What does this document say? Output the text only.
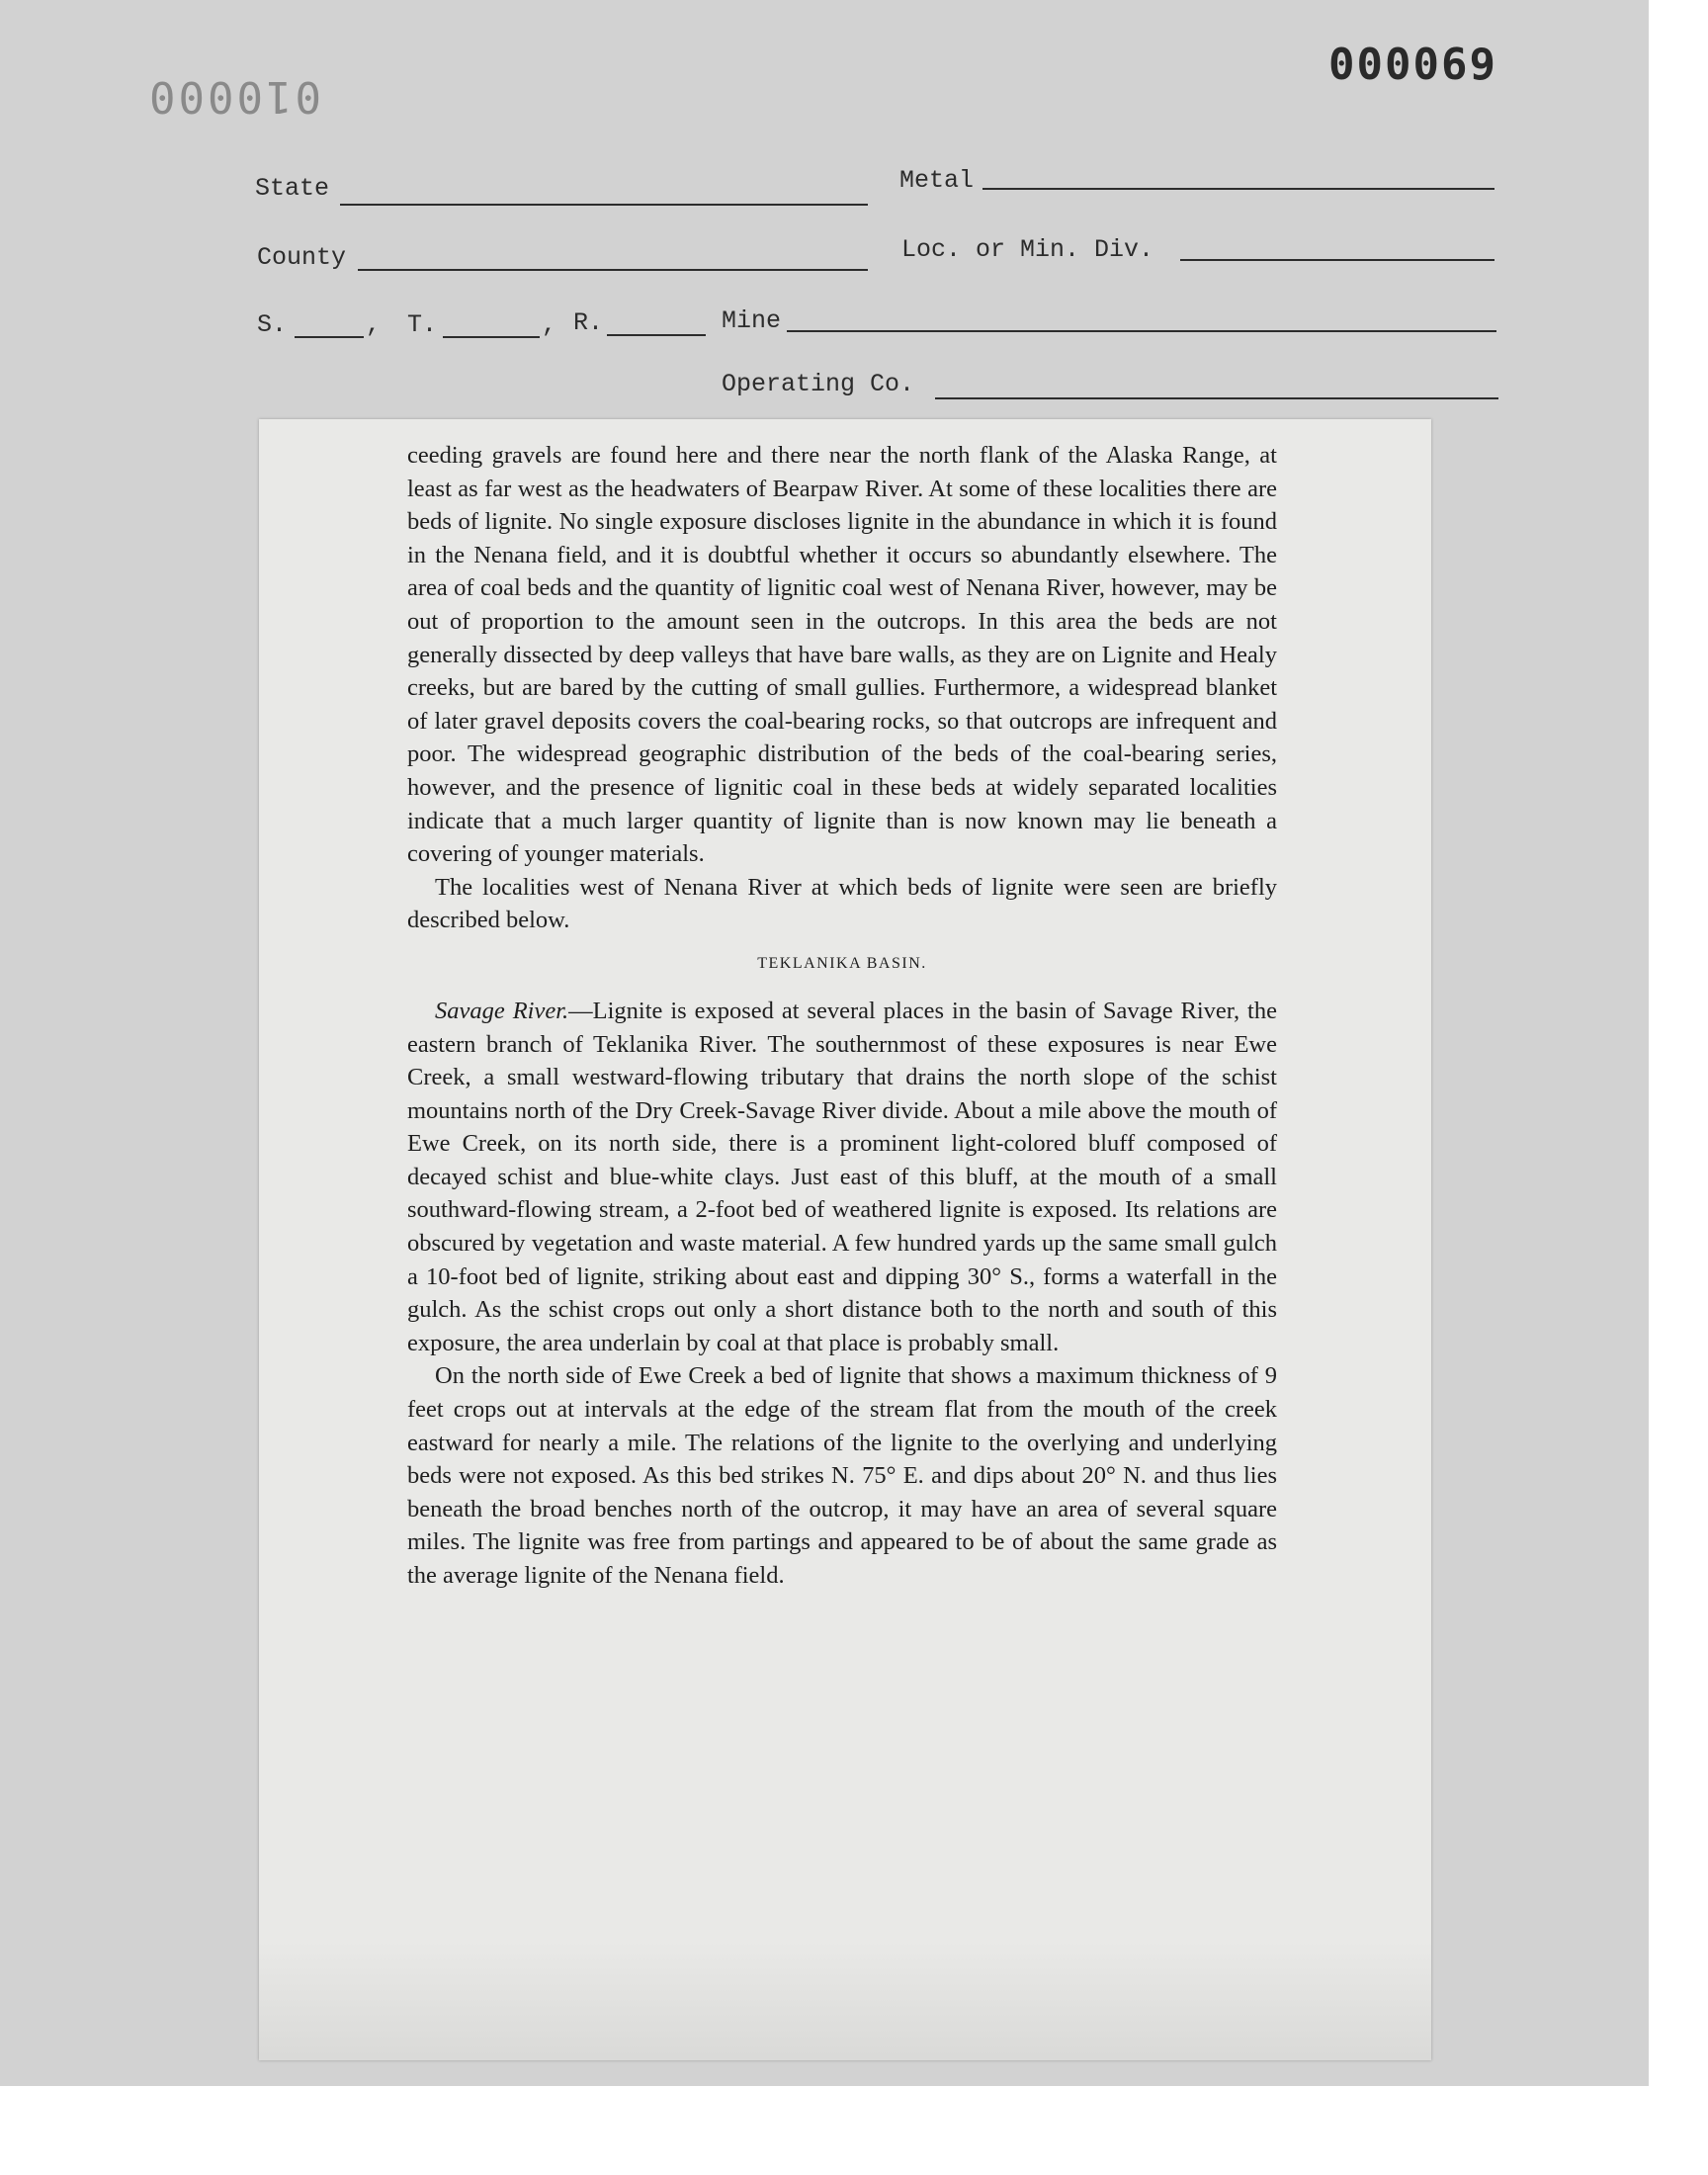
010000
000069
State	Metal
County	Loc. or Min. Div.
S.	, T.	, R.	Mine
Operating Co.

ceeding gravels are found here and there near the north flank of the Alaska Range, at least as far west as the headwaters of Bearpaw River. At some of these localities there are beds of lignite. No single exposure discloses lignite in the abundance in which it is found in the Nenana field, and it is doubtful whether it occurs so abundantly elsewhere. The area of coal beds and the quantity of lignitic coal west of Nenana River, however, may be out of proportion to the amount seen in the outcrops. In this area the beds are not generally dissected by deep valleys that have bare walls, as they are on Lignite and Healy creeks, but are bared by the cutting of small gullies. Furthermore, a widespread blanket of later gravel deposits covers the coal-bearing rocks, so that outcrops are infrequent and poor. The widespread geographic distribution of the beds of the coal-bearing series, however, and the presence of lignitic coal in these beds at widely separated localities indicate that a much larger quantity of lignite than is now known may lie beneath a covering of younger materials.

The localities west of Nenana River at which beds of lignite were seen are briefly described below.

TEKLANIKA BASIN.

Savage River.—Lignite is exposed at several places in the basin of Savage River, the eastern branch of Teklanika River. The southernmost of these exposures is near Ewe Creek, a small westward-flowing tributary that drains the north slope of the schist mountains north of the Dry Creek-Savage River divide. About a mile above the mouth of Ewe Creek, on its north side, there is a prominent light-colored bluff composed of decayed schist and blue-white clays. Just east of this bluff, at the mouth of a small southward-flowing stream, a 2-foot bed of weathered lignite is exposed. Its relations are obscured by vegetation and waste material. A few hundred yards up the same small gulch a 10-foot bed of lignite, striking about east and dipping 30° S., forms a waterfall in the gulch. As the schist crops out only a short distance both to the north and south of this exposure, the area underlain by coal at that place is probably small.

On the north side of Ewe Creek a bed of lignite that shows a maximum thickness of 9 feet crops out at intervals at the edge of the stream flat from the mouth of the creek eastward for nearly a mile. The relations of the lignite to the overlying and underlying beds were not exposed. As this bed strikes N. 75° E. and dips about 20° N. and thus lies beneath the broad benches north of the outcrop, it may have an area of several square miles. The lignite was free from partings and appeared to be of about the same grade as the average lignite of the Nenana field.
